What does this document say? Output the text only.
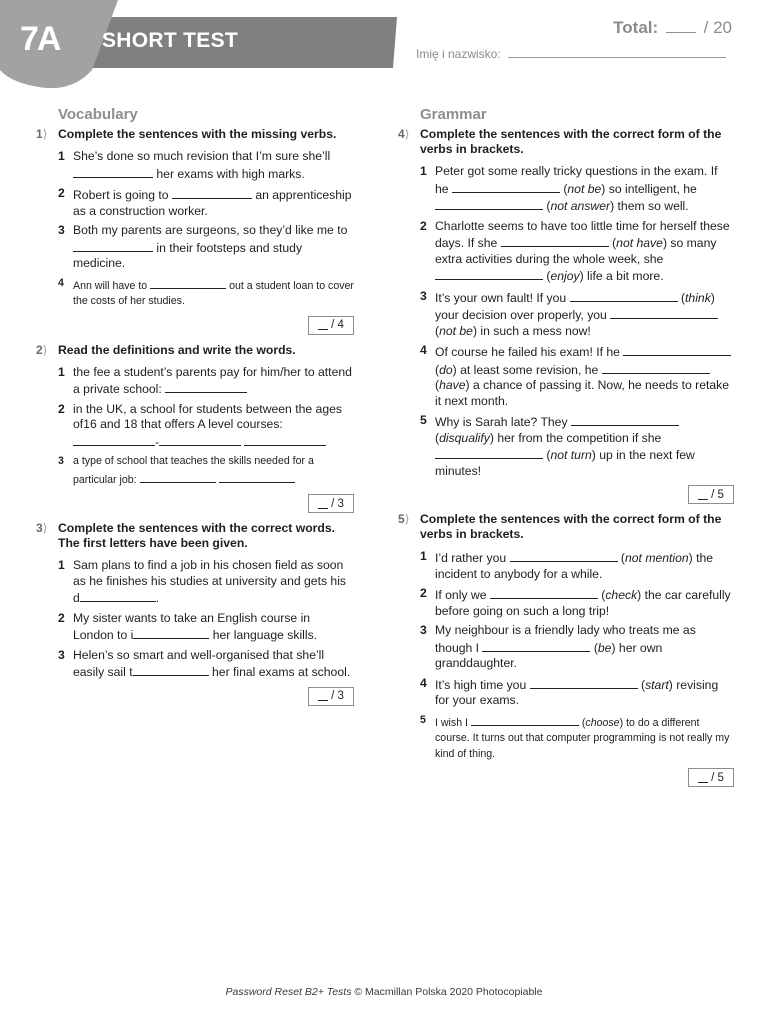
7A SHORT TEST
Total:	/ 20
Imię i nazwisko:
Vocabulary
1⟩ Complete the sentences with the missing verbs.
1 She’s done so much revision that I’m sure she’ll
her exams with high marks.
2 Robert is going to	an apprenticeship as a construction worker.
3 Both my parents are surgeons, so they’d like me to  in their footsteps and study medicine.
4 Ann will have to	out a student loan to cover the costs of her studies.
/ 4
2⟩ Read the definitions and write the words.
1 the fee a student’s parents pay for him/her to attend a private school:
2 in the UK, a school for students between the ages of16 and 18 that offers A level courses:
-
3 a type of school that teaches the skills needed for a particular job:
/ 3
3⟩ Complete the sentences with the correct words. The first letters have been given.
1 Sam plans to find a job in his chosen field as soon as he finishes his studies at university and gets his d	.
2 My sister wants to take an English course in London to i	her language skills.
3 Helen’s so smart and well-organised that she’ll easily sail t	her final exams at school.
/ 3
Grammar
4⟩ Complete the sentences with the correct form of the verbs in brackets.
1 Peter got some really tricky questions in the exam. If he	(not be) so intelligent, he  (not answer) them so well.
2 Charlotte seems to have too little time for herself these days. If she	(not have) so many extra activities during the whole week, she  (enjoy) life a bit more.
3 It’s your own fault! If you	(think) your decision over properly, you  (not be) in such a mess now!
4 Of course he failed his exam! If he  (do) at least some revision, he  (have) a chance of passing it. Now, he needs to retake it next month.
5 Why is Sarah late? They  (disqualify) her from the competition if she  (not turn) up in the next few minutes!
/ 5
5⟩ Complete the sentences with the correct form of the verbs in brackets.
1 I’d rather you	(not mention) the incident to anybody for a while.
2 If only we	(check) the car carefully before going on such a long trip!
3 My neighbour is a friendly lady who treats me as though I	(be) her own granddaughter.
4 It’s high time you	(start) revising for your exams.
5 I wish I	(choose) to do a different course. It turns out that computer programming is not really my kind of thing.
/ 5
Password Reset B2+ Tests © Macmillan Polska 2020 Photocopiable
